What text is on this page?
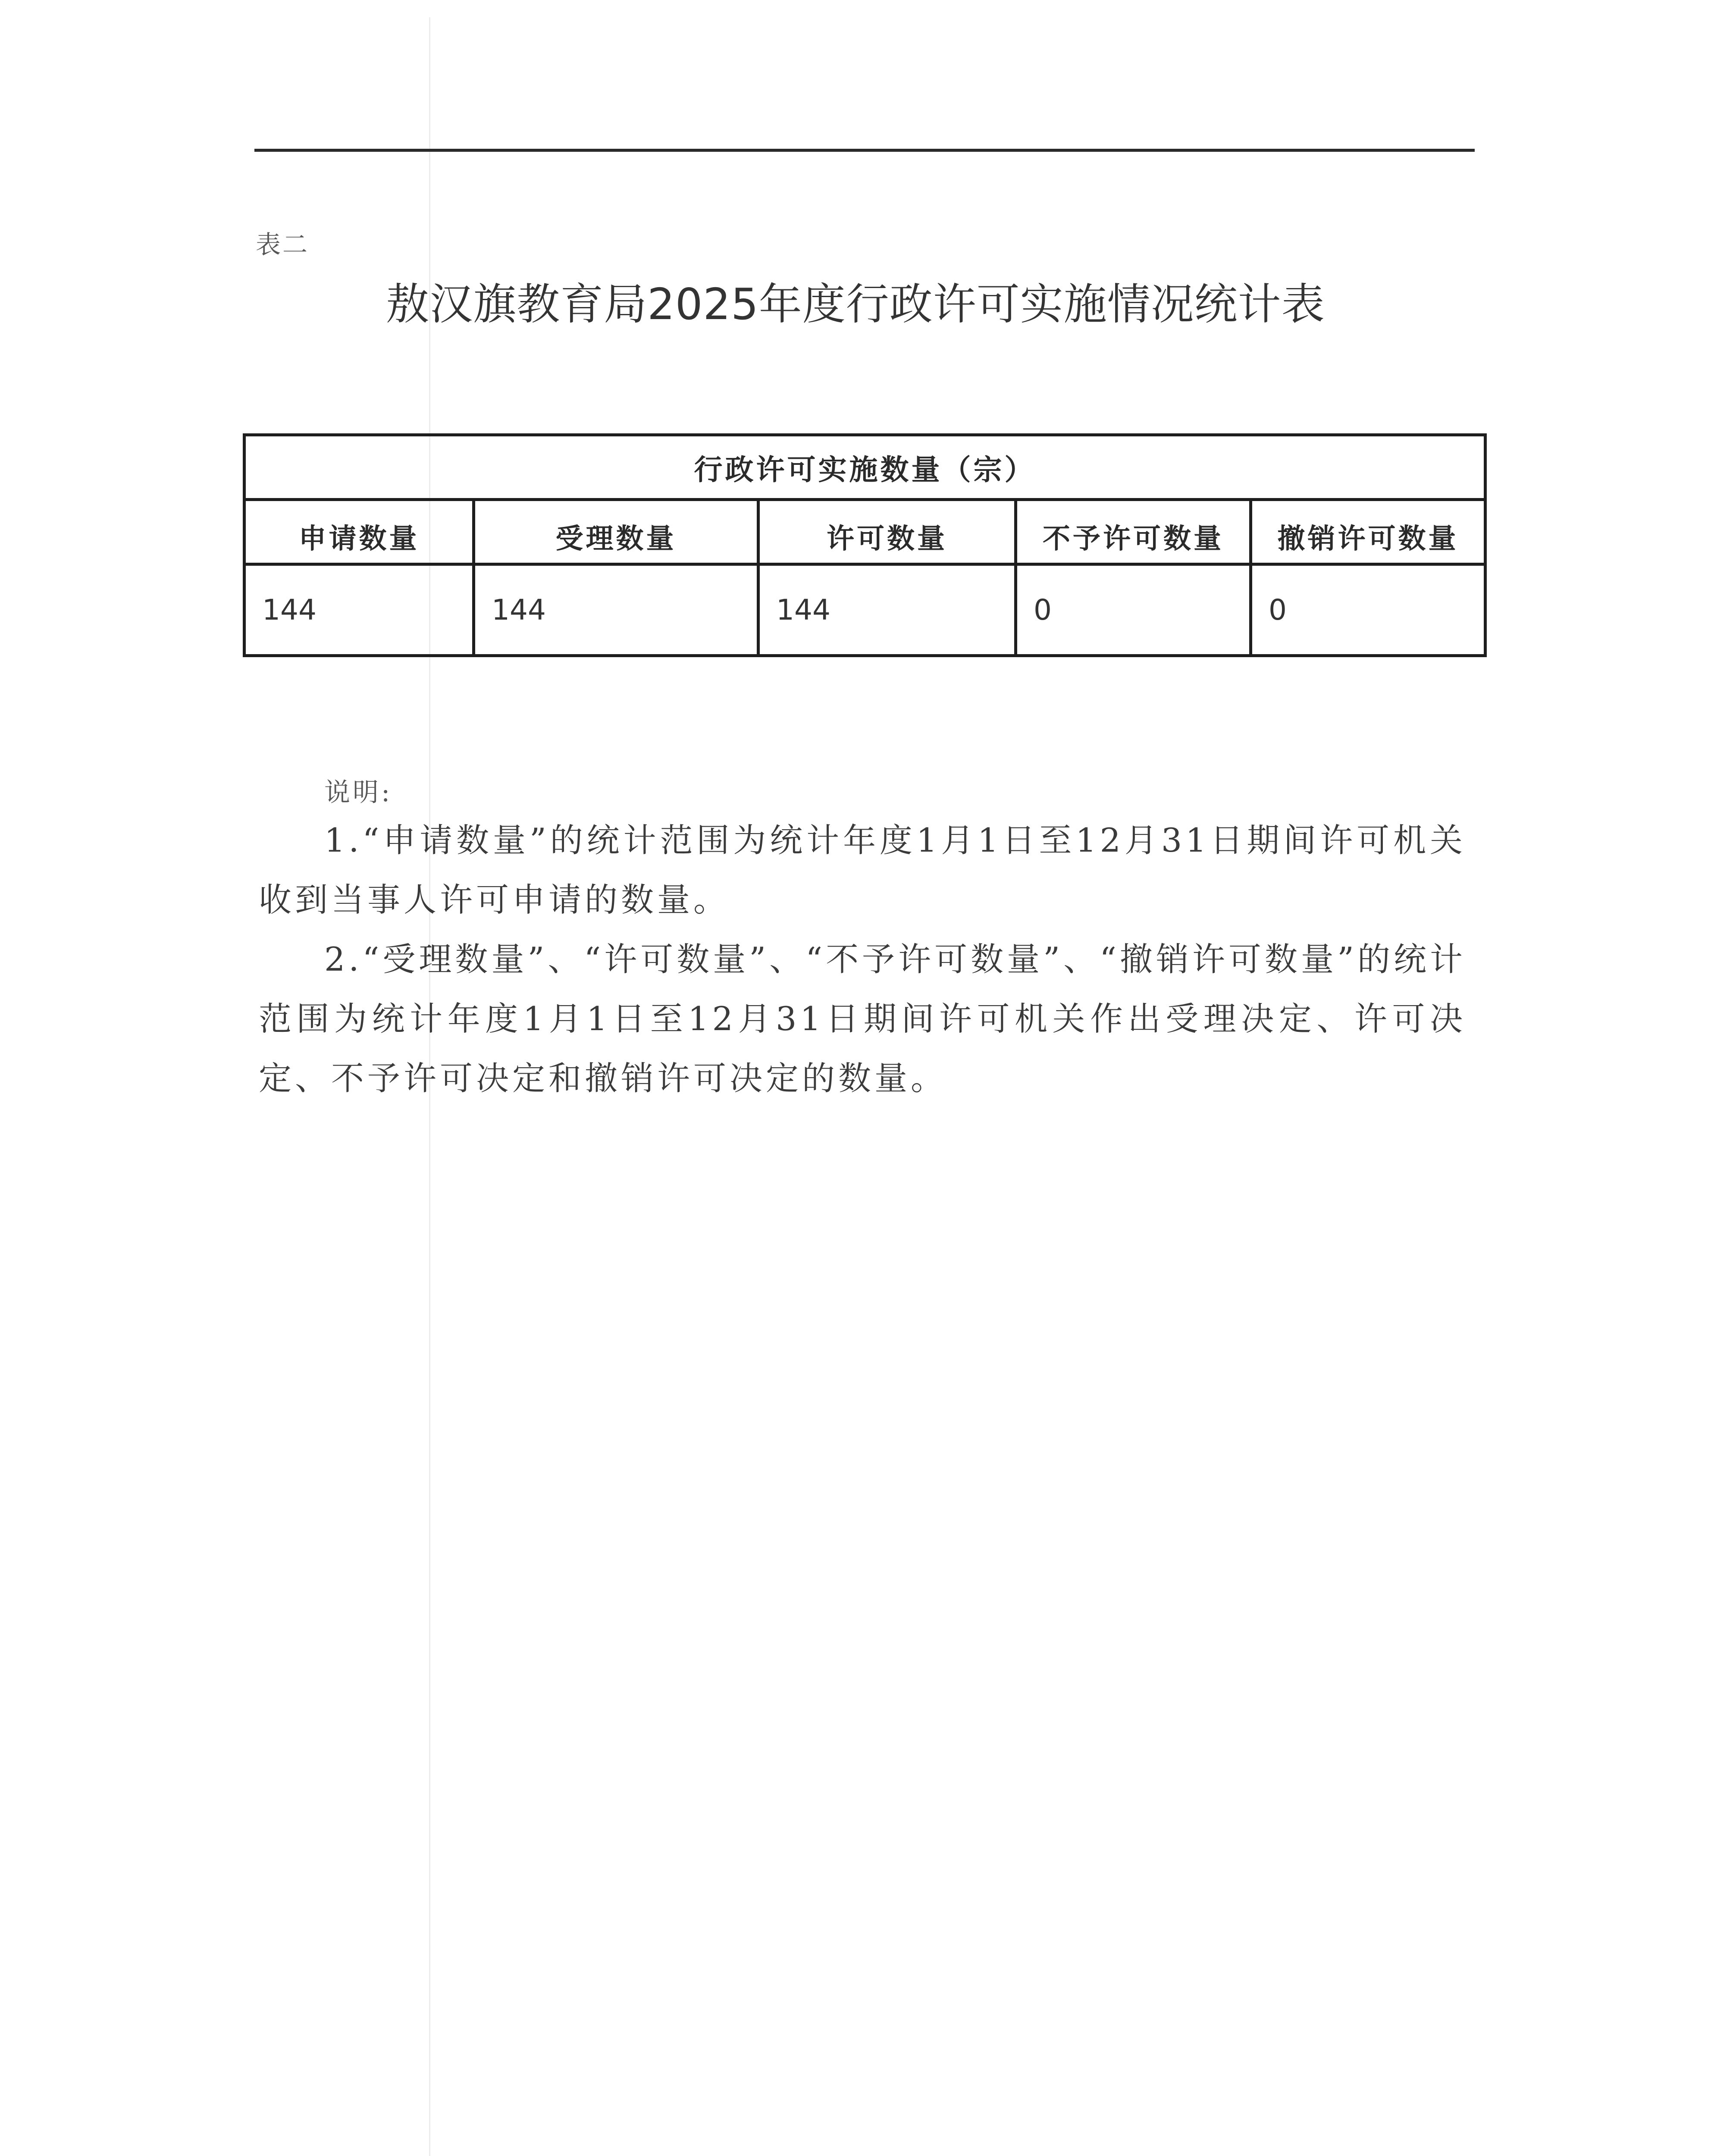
表二
敖汉旗教育局2025年度行政许可实施情况统计表
行政许可实施数量（宗）
申请数量	受理数量	许可数量	不予许可数量	撤销许可数量
144	144	144	0	0
说明:

1.“申请数量”的统计范围为统计年度1月1日至12月31日期间许可机关收到当事人许可申请的数量。

2.“受理数量”、“许可数量”、“不予许可数量”、“撤销许可数量”的统计范围为统计年度1月1日至12月31日期间许可机关作出受理决定、许可决定、不予许可决定和撤销许可决定的数量。
